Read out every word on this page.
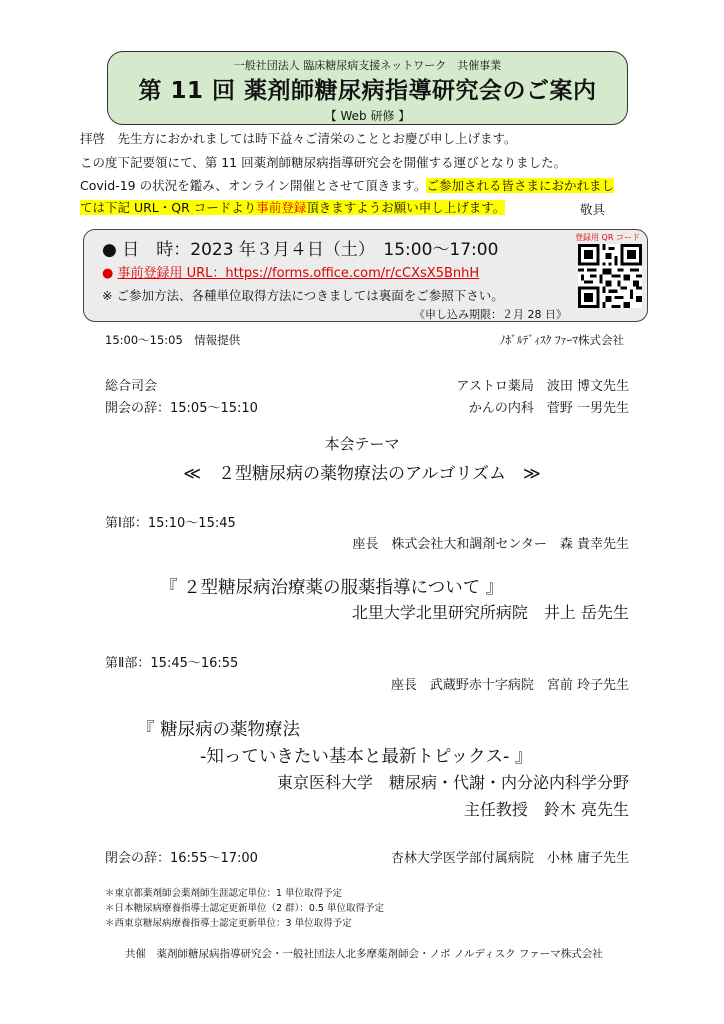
一般社団法人 臨床糖尿病支援ネットワーク　共催事業
第 11 回 薬剤師糖尿病指導研究会のご案内
【 Web 研修 】
拝啓　先生方におかれましては時下益々ご清栄のこととお慶び申し上げます。
この度下記要領にて、第 11 回薬剤師糖尿病指導研究会を開催する運びとなりました。
Covid-19 の状況を鑑み、オンライン開催とさせて頂きます。ご参加される皆さまにおかれまし
ては下記 URL・QR コードより事前登録頂きますようお願い申し上げます。	敬具
● 日　時：2023 年３月４日（土）　15:00～17:00
● 事前登録用 URL：https://forms.office.com/r/cCXsX5BnhH
※ ご参加方法、各種単位取得方法につきましては裏面をご参照下さい。
《申し込み期限：２月 28 日》
登録用 QR コード
15:00～15:05　情報提供	ﾉﾎﾞﾙﾃﾞｨｽｸ ﾌｧｰﾏ株式会社
総合司会	アストロ薬局　波田 博文先生
開会の辞：15:05～15:10	かんの内科　菅野 一男先生
本会テーマ
≪　２型糖尿病の薬物療法のアルゴリズム　≫
第Ⅰ部：15:10～15:45
座長　株式会社大和調剤センター　森 貴幸先生
『 ２型糖尿病治療薬の服薬指導について 』
北里大学北里研究所病院　井上 岳先生
第Ⅱ部：15:45～16:55
座長　武蔵野赤十字病院　宮前 玲子先生
『 糖尿病の薬物療法
-知っていきたい基本と最新トピックス- 』
東京医科大学　糖尿病・代謝・内分泌内科学分野
主任教授　鈴木 亮先生
閉会の辞：16:55～17:00	杏林大学医学部付属病院　小林 庸子先生
＊東京都薬剤師会薬剤師生涯認定単位：1 単位取得予定
＊日本糖尿病療養指導士認定更新単位（2 群）：0.5 単位取得予定
＊西東京糖尿病療養指導士認定更新単位：3 単位取得予定
共催　薬剤師糖尿病指導研究会・一般社団法人北多摩薬剤師会・ノボ ノルディスク ファーマ株式会社
